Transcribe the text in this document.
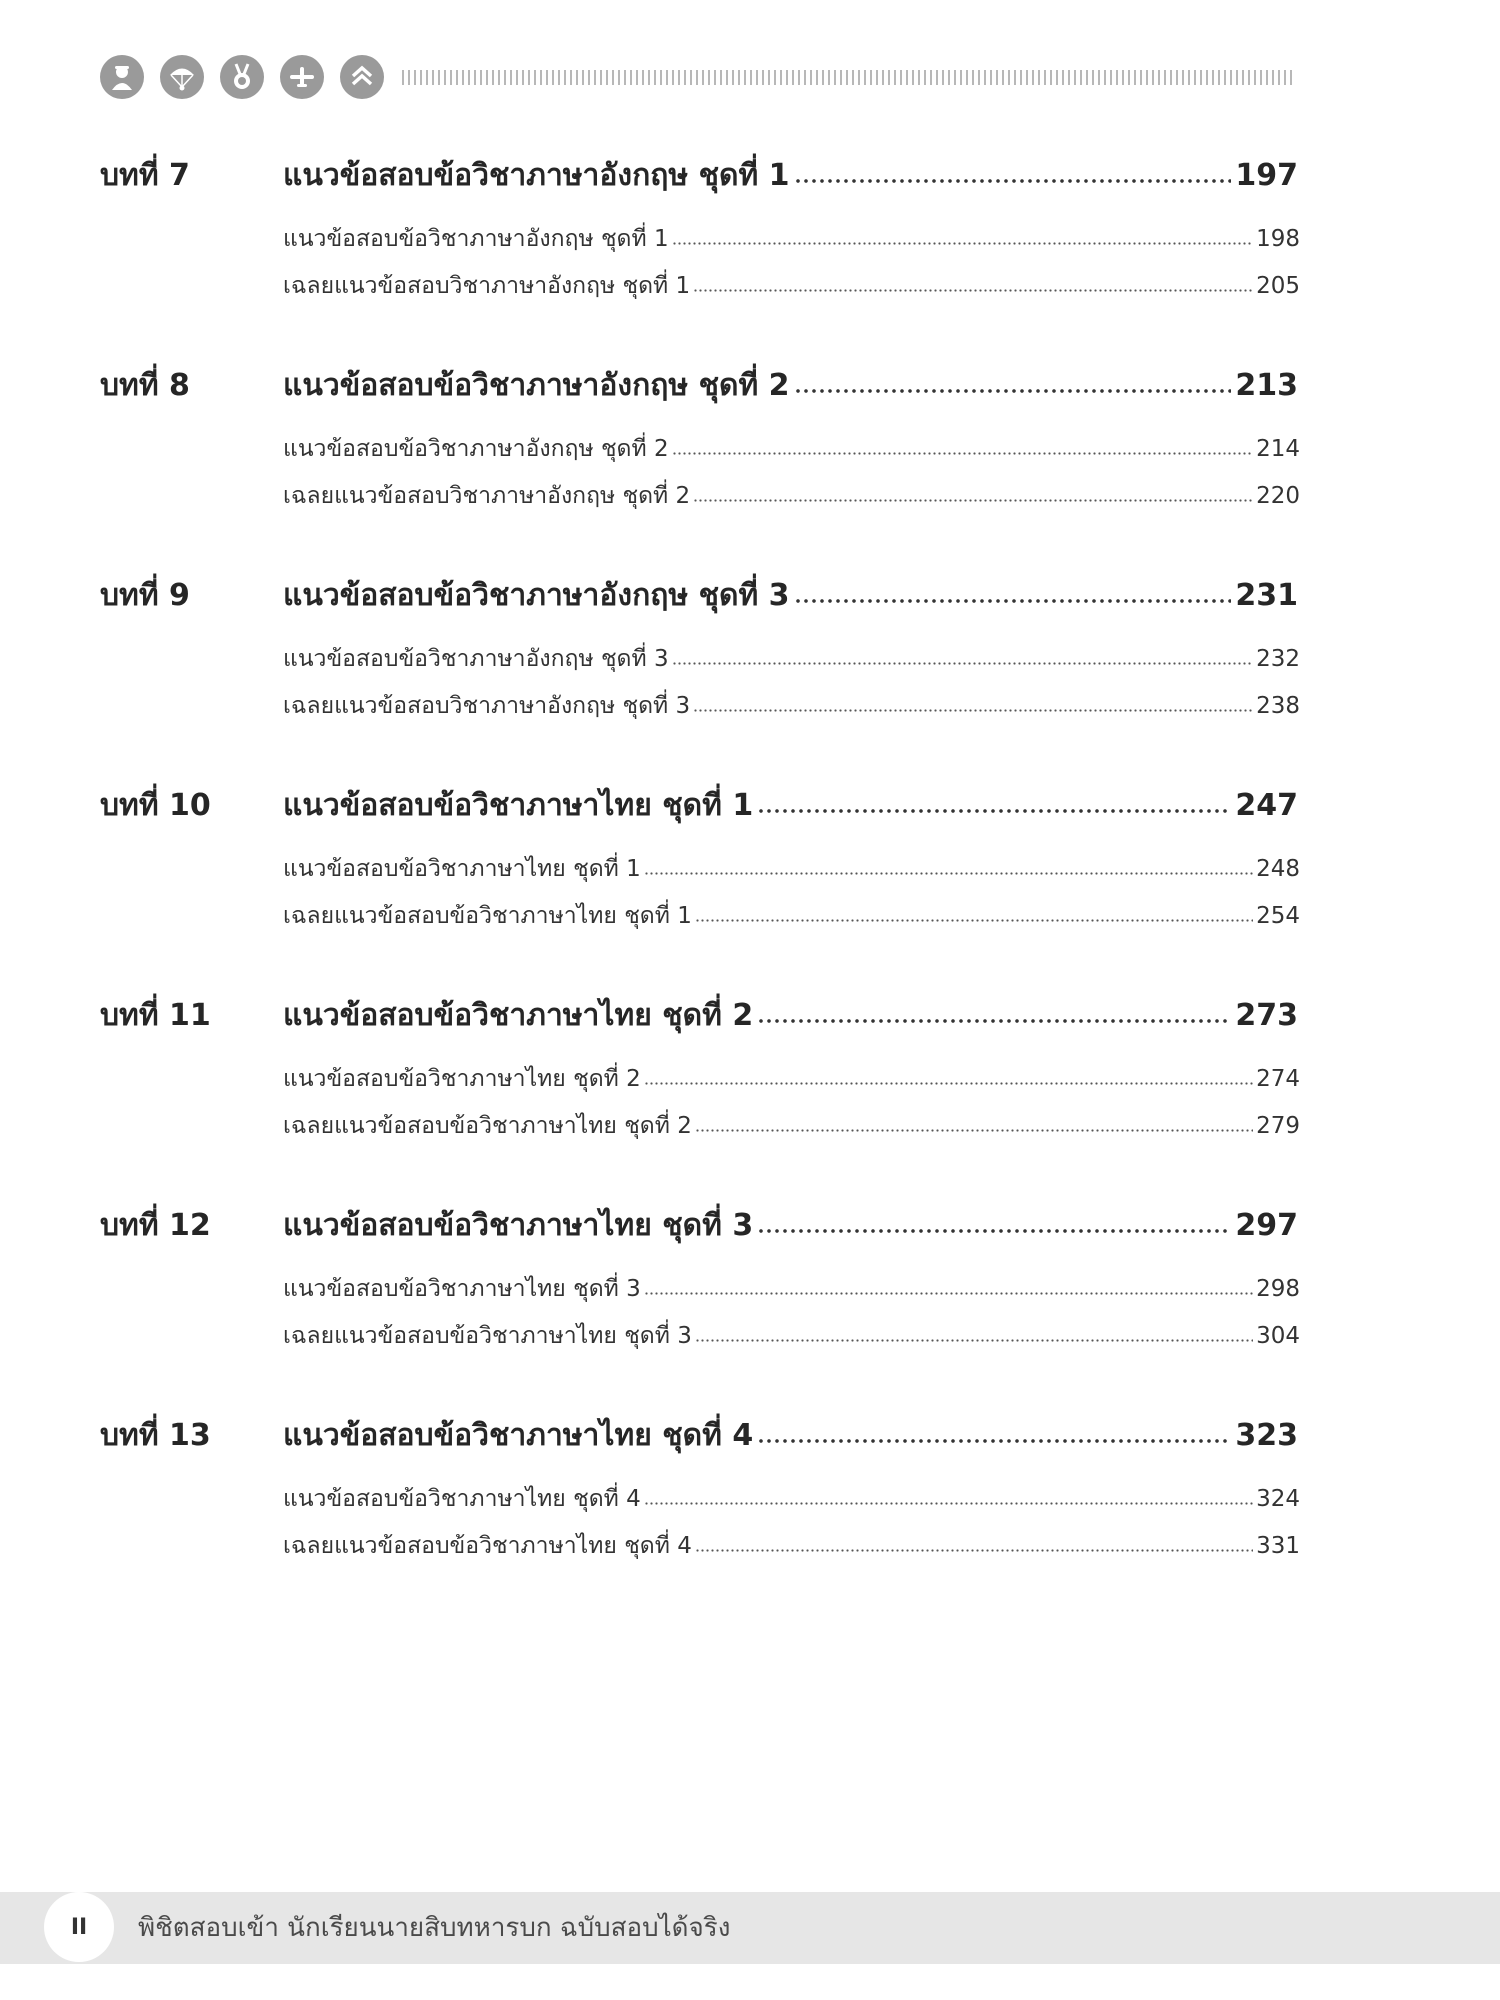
บทที่ 7	แนวข้อสอบข้อวิชาภาษาอังกฤษ ชุดที่ 1	197
แนวข้อสอบข้อวิชาภาษาอังกฤษ ชุดที่ 1	198
เฉลยแนวข้อสอบวิชาภาษาอังกฤษ ชุดที่ 1	205
บทที่ 8	แนวข้อสอบข้อวิชาภาษาอังกฤษ ชุดที่ 2	213
แนวข้อสอบข้อวิชาภาษาอังกฤษ ชุดที่ 2	214
เฉลยแนวข้อสอบวิชาภาษาอังกฤษ ชุดที่ 2	220
บทที่ 9	แนวข้อสอบข้อวิชาภาษาอังกฤษ ชุดที่ 3	231
แนวข้อสอบข้อวิชาภาษาอังกฤษ ชุดที่ 3	232
เฉลยแนวข้อสอบวิชาภาษาอังกฤษ ชุดที่ 3	238
บทที่ 10	แนวข้อสอบข้อวิชาภาษาไทย ชุดที่ 1	247
แนวข้อสอบข้อวิชาภาษาไทย ชุดที่ 1	248
เฉลยแนวข้อสอบข้อวิชาภาษาไทย ชุดที่ 1	254
บทที่ 11	แนวข้อสอบข้อวิชาภาษาไทย ชุดที่ 2	273
แนวข้อสอบข้อวิชาภาษาไทย ชุดที่ 2	274
เฉลยแนวข้อสอบข้อวิชาภาษาไทย ชุดที่ 2	279
บทที่ 12	แนวข้อสอบข้อวิชาภาษาไทย ชุดที่ 3	297
แนวข้อสอบข้อวิชาภาษาไทย ชุดที่ 3	298
เฉลยแนวข้อสอบข้อวิชาภาษาไทย ชุดที่ 3	304
บทที่ 13	แนวข้อสอบข้อวิชาภาษาไทย ชุดที่ 4	323
แนวข้อสอบข้อวิชาภาษาไทย ชุดที่ 4	324
เฉลยแนวข้อสอบข้อวิชาภาษาไทย ชุดที่ 4	331
II	พิชิตสอบเข้า นักเรียนนายสิบทหารบก ฉบับสอบได้จริง
